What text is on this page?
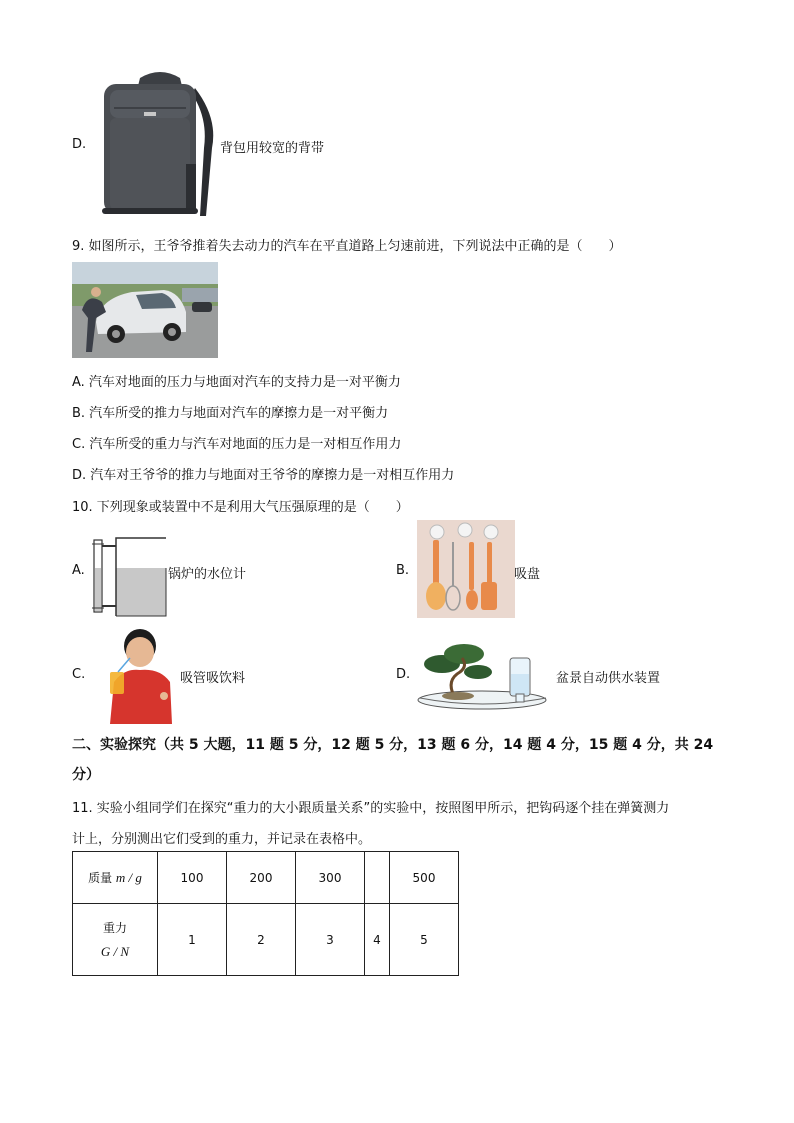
D.	背包用较宽的背带
9. 如图所示，王爷爷推着失去动力的汽车在平直道路上匀速前进，下列说法中正确的是（　　）
A. 汽车对地面的压力与地面对汽车的支持力是一对平衡力
B. 汽车所受的推力与地面对汽车的摩擦力是一对平衡力
C. 汽车所受的重力与汽车对地面的压力是一对相互作用力
D. 汽车对王爷爷的推力与地面对王爷爷的摩擦力是一对相互作用力
10. 下列现象或装置中不是利用大气压强原理的是（　　）
A.	锅炉的水位计	B.	吸盘
C.	吸管吸饮料	D.	盆景自动供水装置
二、实验探究（共 5 大题，11 题 5 分，12 题 5 分，13 题 6 分，14 题 4 分，15 题 4 分，共 24
分）
11. 实验小组同学们在探究“重力的大小跟质量关系”的实验中，按照图甲所示，把钩码逐个挂在弹簧测力
计上，分别测出它们受到的重力，并记录在表格中。
质量 m / g	100	200	300		500

重力
G / N	1	2	3	4	5
